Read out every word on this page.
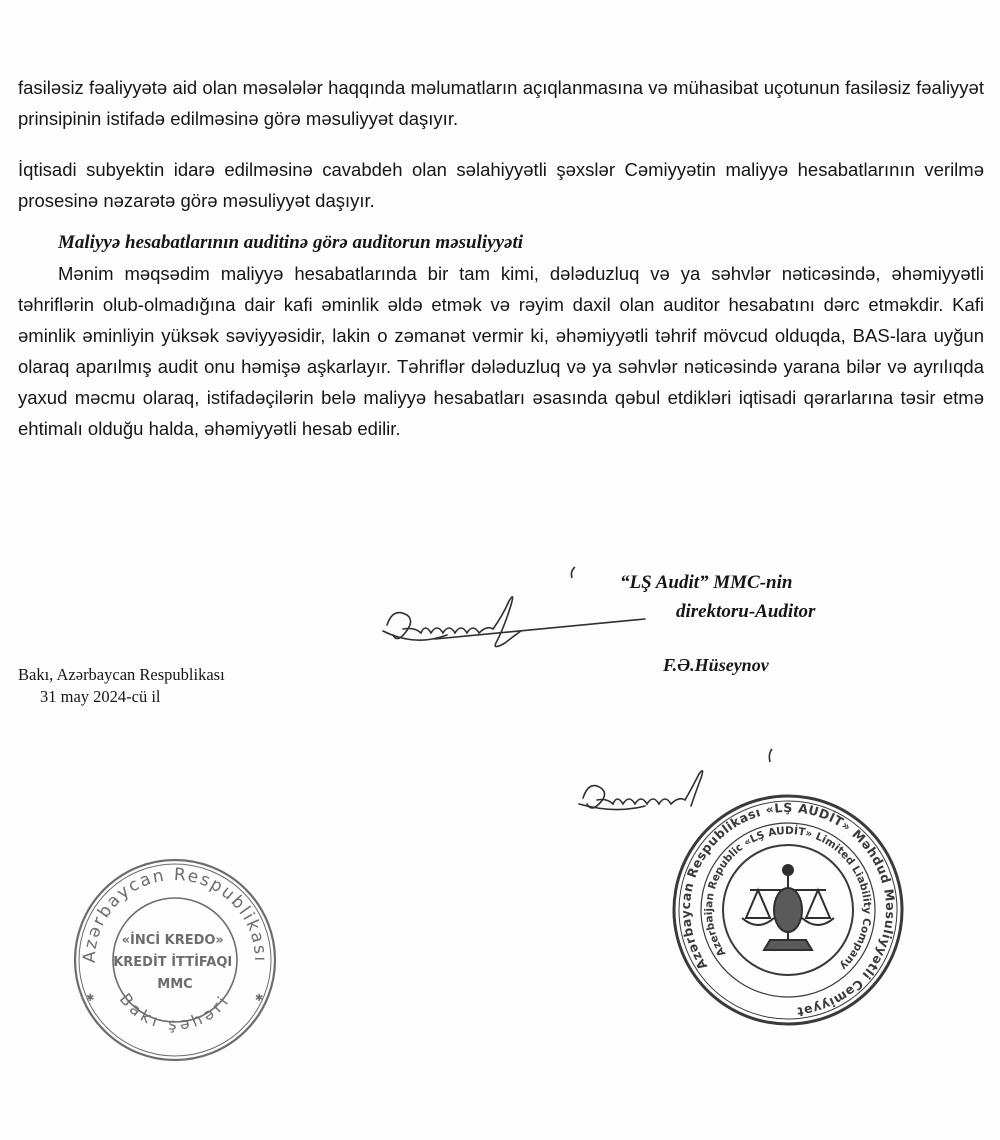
fasiləsiz fəaliyyətə aid olan məsələlər haqqında məlumatların açıqlanmasına və mühasibat uçotunun fasiləsiz fəaliyyət prinsipinin istifadə edilməsinə görə məsuliyyət daşıyır.

İqtisadi subyektin idarə edilməsinə cavabdeh olan səlahiyyətli şəxslər Cəmiyyətin maliyyə hesabatlarının verilmə prosesinə nəzarətə görə məsuliyyət daşıyır.

Maliyyə hesabatlarının auditinə görə auditorun məsuliyyəti

Mənim məqsədim maliyyə hesabatlarında bir tam kimi, dələduzluq və ya səhvlər nəticəsində, əhəmiyyətli təhriflərin olub-olmadığına dair kafi əminlik əldə etmək və rəyim daxil olan auditor hesabatını dərc etməkdir. Kafi əminlik əminliyin yüksək səviyyəsidir, lakin o zəmanət vermir ki, əhəmiyyətli təhrif mövcud olduqda, BAS-lara uyğun olaraq aparılmış audit onu həmişə aşkarlayır. Təhriflər dələduzluq və ya səhvlər nəticəsində yarana bilər və ayrılıqda yaxud məcmu olaraq, istifadəçilərin belə maliyyə hesabatları əsasında qəbul etdikləri iqtisadi qərarlarına təsir etmə ehtimalı olduğu halda, əhəmiyyətli hesab edilir.

“LŞ Audit” MMC-nin
direktoru-Auditor
F.Ə.Hüseynov
Bakı, Azərbaycan Respublikası
31 may 2024-cü il
Azərbaycan Respublikası
Bakı şəhəri
«İNCİ KREDO» KREDİT İTTİFAQI MMC
✱	✱
Azərbaycan Respublikası «LŞ AUDİT» Məhdud Məsuliyyətli Cəmiyyət
Azerbaijan Republic «LŞ AUDİT» Limited Liability Company
